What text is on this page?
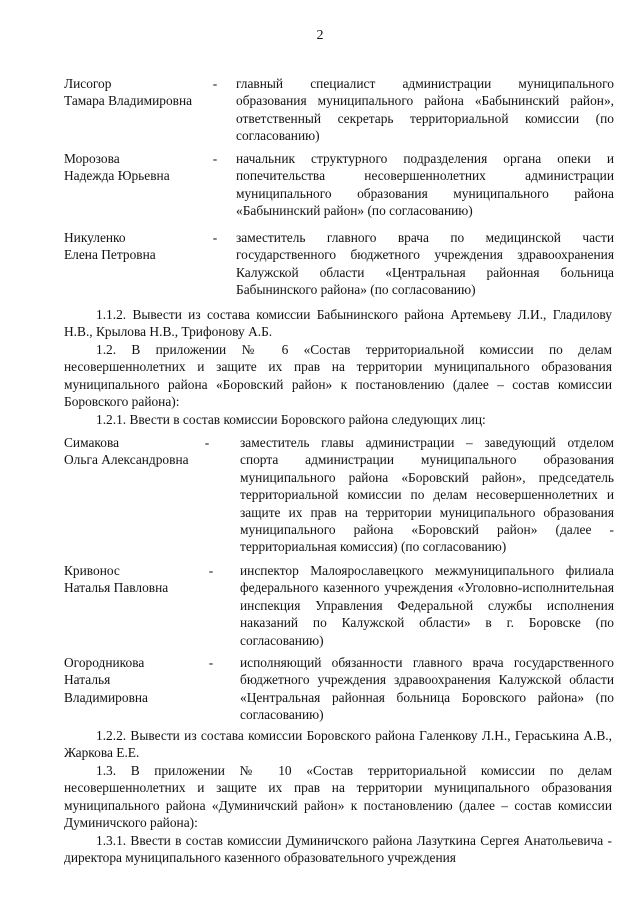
2
Лисогор
Тамара Владимировна
- главный специалист администрации муниципального образования муниципального района «Бабынинский район», ответственный секретарь территориальной комиссии (по согласованию)
Морозова
Надежда Юрьевна
- начальник структурного подразделения органа опеки и попечительства несовершеннолетних администрации муниципального образования муниципального района «Бабынинский район» (по согласованию)
Никуленко
Елена Петровна
- заместитель главного врача по медицинской части государственного бюджетного учреждения здравоохранения Калужской области «Центральная районная больница Бабынинского района» (по согласованию)
1.1.2. Вывести из состава комиссии Бабынинского района Артемьеву Л.И., Гладилову Н.В., Крылова Н.В., Трифонову А.Б.
1.2. В приложении № 6 «Состав территориальной комиссии по делам несовершеннолетних и защите их прав на территории муниципального образования муниципального района «Боровский район» к постановлению (далее – состав комиссии Боровского района):
1.2.1. Ввести в состав комиссии Боровского района следующих лиц:
Симакова
Ольга Александровна
- заместитель главы администрации – заведующий отделом спорта администрации муниципального образования муниципального района «Боровский район», председатель территориальной комиссии по делам несовершеннолетних и защите их прав на территории муниципального образования муниципального района «Боровский район» (далее - территориальная комиссия) (по согласованию)
Кривонос
Наталья Павловна
- инспектор Малоярославецкого межмуниципального филиала федерального казенного учреждения «Уголовно-исполнительная инспекция Управления Федеральной службы исполнения наказаний по Калужской области» в г. Боровске (по согласованию)
Огородникова
Наталья
Владимировна
- исполняющий обязанности главного врача государственного бюджетного учреждения здравоохранения Калужской области «Центральная районная больница Боровского района» (по согласованию)
1.2.2. Вывести из состава комиссии Боровского района Галенкову Л.Н., Гераськина А.В., Жаркова Е.Е.
1.3. В приложении № 10 «Состав территориальной комиссии по делам несовершеннолетних и защите их прав на территории муниципального образования муниципального района «Думиничский район» к постановлению (далее – состав комиссии Думиничского района):
1.3.1. Ввести в состав комиссии Думиничского района Лазуткина Сергея Анатольевича - директора муниципального казенного образовательного учреждения
